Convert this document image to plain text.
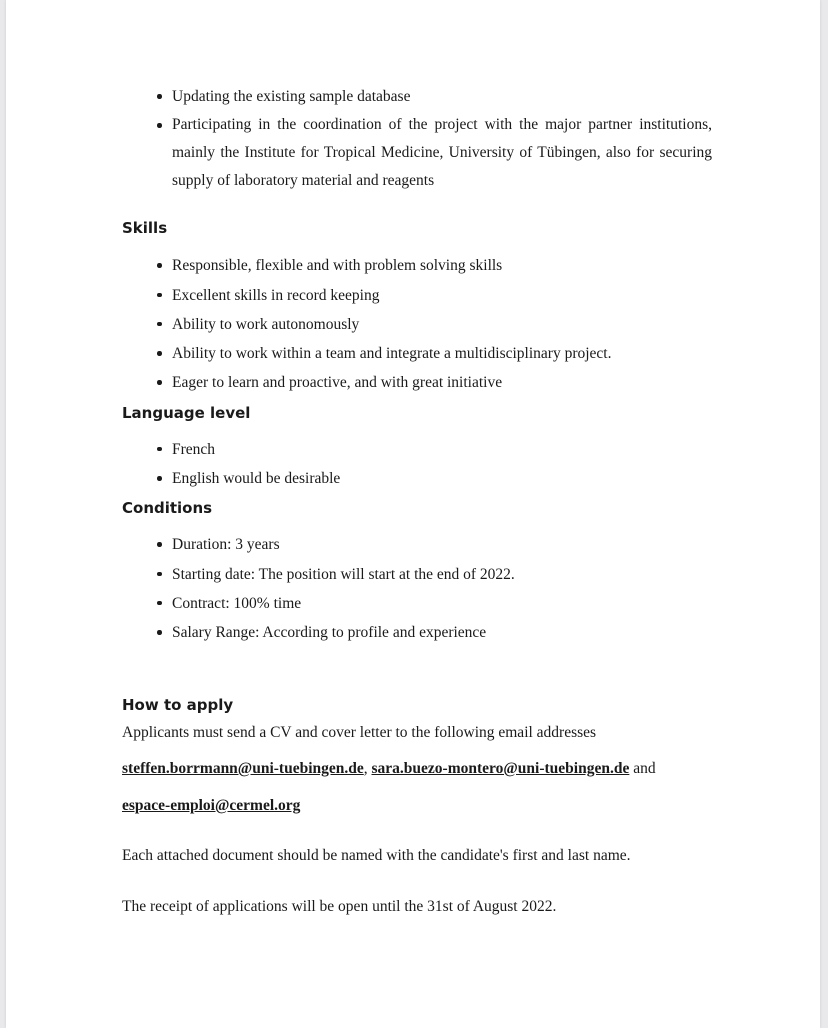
Updating the existing sample database
Participating in the coordination of the project with the major partner institutions, mainly the Institute for Tropical Medicine, University of Tübingen, also for securing supply of laboratory material and reagents
Skills
Responsible, flexible and with problem solving skills
Excellent skills in record keeping
Ability to work autonomously
Ability to work within a team and integrate a multidisciplinary project.
Eager to learn and proactive, and with great initiative
Language level
French
English would be desirable
Conditions
Duration: 3 years
Starting date: The position will start at the end of 2022.
Contract: 100% time
Salary Range: According to profile and experience
How to apply

Applicants must send a CV and cover letter to the following email addresses

steffen.borrmann@uni-tuebingen.de, sara.buezo-montero@uni-tuebingen.de and

espace-emploi@cermel.org

Each attached document should be named with the candidate's first and last name.

The receipt of applications will be open until the 31st of August 2022.
